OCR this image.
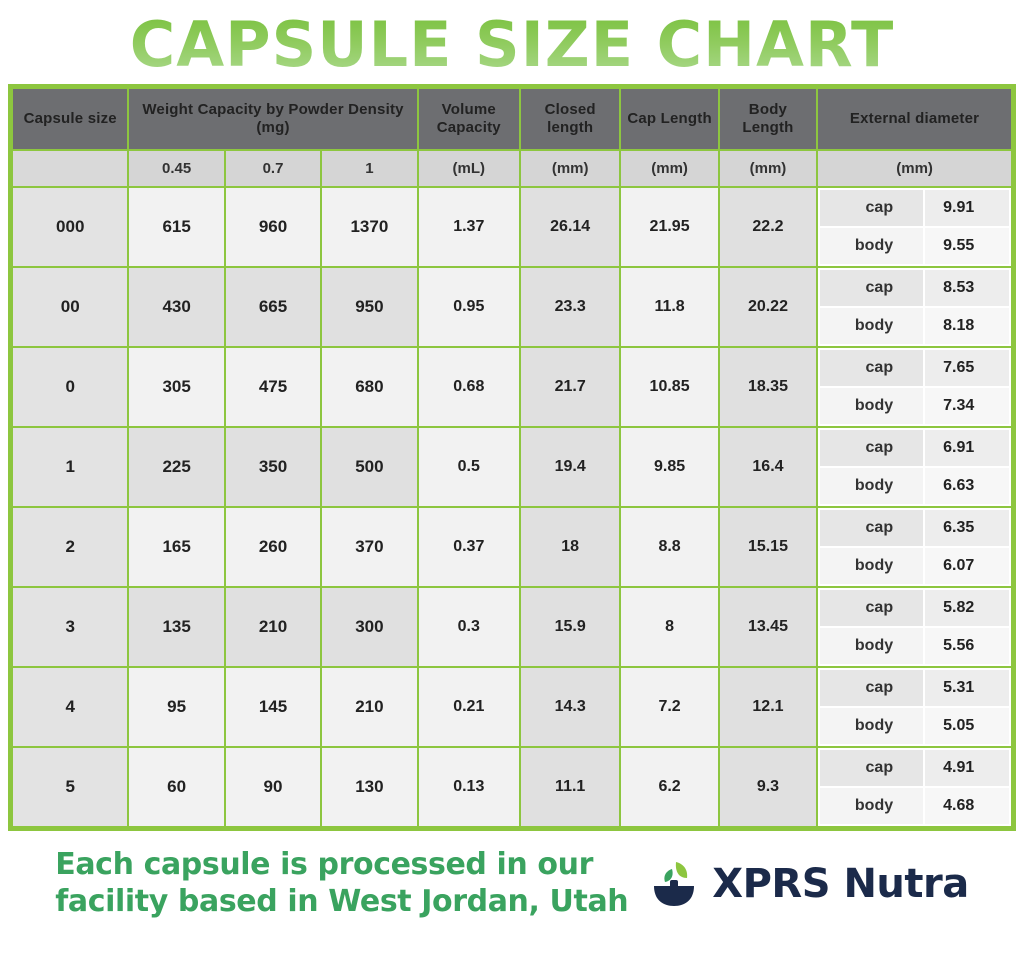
CAPSULE SIZE CHART
Capsule size	Weight Capacity by Powder Density (mg)	Volume Capacity	Closed length	Cap Length	Body Length	External diameter
	0.45	0.7	1	(mL)	(mm)	(mm)	(mm)	(mm)
000	615	960	1370	1.37	26.14	21.95	22.2	
cap	9.91
body	9.55

00	430	665	950	0.95	23.3	11.8	20.22	
cap	8.53
body	8.18

0	305	475	680	0.68	21.7	10.85	18.35	
cap	7.65
body	7.34

1	225	350	500	0.5	19.4	9.85	16.4	
cap	6.91
body	6.63

2	165	260	370	0.37	18	8.8	15.15	
cap	6.35
body	6.07

3	135	210	300	0.3	15.9	8	13.45	
cap	5.82
body	5.56

4	95	145	210	0.21	14.3	7.2	12.1	
cap	5.31
body	5.05

5	60	90	130	0.13	11.1	6.2	9.3	
cap	4.91
body	4.68
Each capsule is processed in our
facility based in West Jordan, Utah XPRS Nutra
